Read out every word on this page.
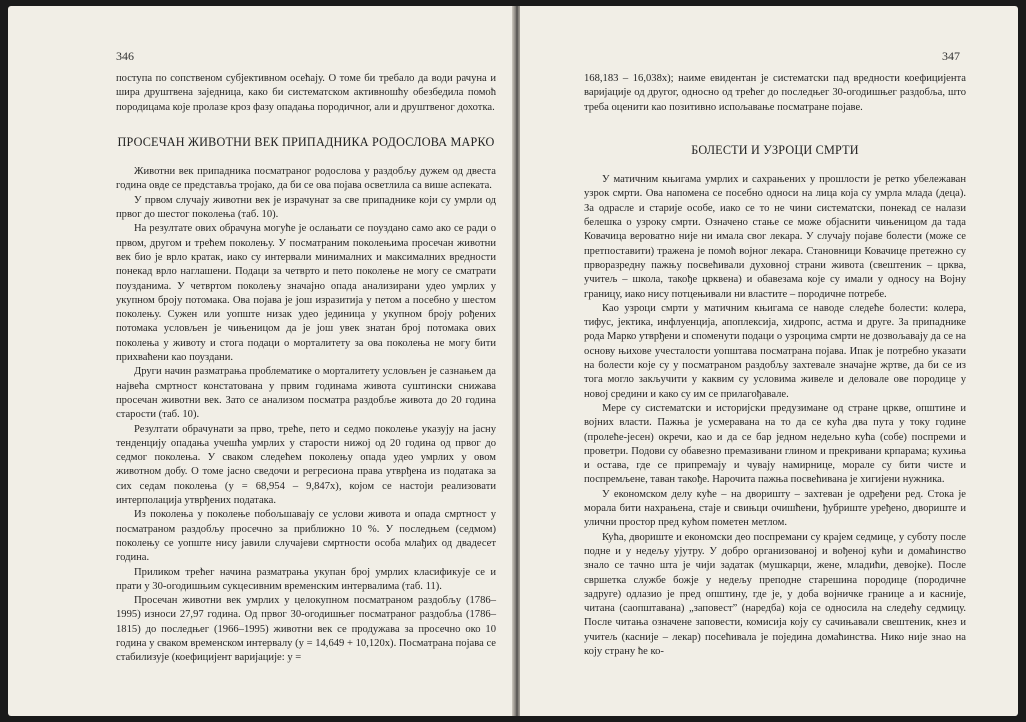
346

поступа по сопственом субјективном осећају. О томе би требало да води рачуна и шира друштвена заједница, како би систематском активношћу обезбедила помоћ породицама које пролазе кроз фазу опадања породичног, али и друштвеног дохотка.

ПРОСЕЧАН ЖИВОТНИ ВЕК ПРИПАДНИКА РОДОСЛОВА МАРКО

Животни век припадника посматраног родослова у раздобљу дужем од двеста година овде се представља тројако, да би се ова појава осветлила са више аспеката.

У првом случају животни век је израчунат за све припаднике који су умрли од првог до шестог поколења (таб. 10).

На резултате ових обрачуна могуће је ослањати се поуздано само ако се ради о првом, другом и трећем поколењу. У посматраним поколењима просечан животни век био је врло кратак, иако су интервали минималних и максималних вредности понекад врло наглашени. Подаци за четврто и пето поколење не могу се сматрати поузданима. У четвртом поколењу значајно опада анализирани удео умрлих у укупном броју потомака. Ова појава је још изразитија у петом а посебно у шестом поколењу. Сужен или уопште низак удео јединица у укупном броју рођених потомака условљен је чињеницом да је још увек знатан број потомака ових поколења у животу и стога подаци о морталитету за ова поколења не могу бити прихваћени као поуздани.

Други начин разматрања проблематике о морталитету условљен је сазнањем да највећа смртност констатована у првим годинама живота суштински снижава просечан животни век. Зато се анализом посматра раздобље живота до 20 година старости (таб. 10).

Резултати обрачунати за прво, треће, пето и седмо поколење указују на јасну тенденцију опадања учешћа умрлих у старости нижој од 20 година од првог до седмог поколења. У сваком следећем поколењу опада удео умрлих у овом животном добу. О томе јасно сведочи и регресиона права утврђена из података за сих седам поколења (y = 68,954 – 9,847x), којом се настоји реализовати интерполација утврђених података.

Из поколења у поколење побољшавају се услови живота и опада смртност у посматраном раздобљу просечно за приближно 10 %. У последњем (седмом) поколењу се уопште нису јавили случајеви смртности особа млађих од двадесет година.

Приликом трећег начина разматрања укупан број умрлих класификује се и прати у 30-огодишњим сукцесивним временским интервалима (таб. 11).

Просечан животни век умрлих у целокупном посматраном раздобљу (1786–1995) износи 27,97 година. Од првог 30-огодишњег посматраног раздобља (1786–1815) до последњег (1966–1995) животни век се продужава за просечно око 10 година у сваком временском интервалу (y = 14,649 + 10,120x). Посматрана појава се стабилизује (коефицијент варијације: y =

347

168,183 – 16,038x); наиме евидентан је систематски пад вредности коефицијента варијације од другог, односно од трећег до последњег 30-огодишњег раздобља, што треба оценити као позитивно испољавање посматране појаве.

БОЛЕСТИ И УЗРОЦИ СМРТИ

У матичним књигама умрлих и сахрањених у прошлости је ретко убележаван узрок смрти. Ова напомена се посебно односи на лица која су умрла млада (деца). За одрасле и старије особе, иако се то не чини систематски, понекад се налази белешка о узроку смрти. Означено стање се може објаснити чињеницом да тада Ковачица вероватно није ни имала свог лекара. У случају појаве болести (може се претпоставити) тражена је помоћ војног лекара. Становници Ковачице претежно су прворазредну пажњу посвећивали духовној страни живота (свештеник – црква, учитељ – школа, такође црквена) и обавезама које су имали у односу на Војну границу, иако нису потцењивали ни властите – породичне потребе.

Као узроци смрти у матичним књигама се наводе следеће болести: колера, тифус, јектика, инфлуенција, апоплексија, хидропс, астма и друге. За припаднике рода Марко утврђени и споменути подаци о узроцима смрти не дозвољавају да се на основу њихове учесталости уопштава посматрана појава. Ипак је потребно указати на болести које су у посматраном раздобљу захтевале значајне жртве, да би се из тога могло закључити у каквим су условима живеле и деловале ове породице у новој средини и како су им се прилагођавале.

Мере су систематски и историјски предузимане од стране цркве, општине и војних власти. Пажња је усмеравана на то да се кућа два пута у току године (пролеће-јесен) окречи, као и да се бар једном недељно кућа (собе) поспреми и проветри. Подови су обавезно премазивани глином и прекривани крпарама; кухиња и остава, где се припремају и чувају намирнице, морале су бити чисте и поспремљене, таван такође. Нарочита пажња посвећивана је хигијени нужника.

У економском делу куће – на дворишту – захтеван је одређени ред. Стока је морала бити нахрањена, стаје и свињци очишћени, ђубриште уређено, двориште и улични простор пред кућом пометен метлом.

Кућа, двориште и економски део поспремани су крајем седмице, у суботу после подне и у недељу ујутру. У добро организованој и вођеној кући и домаћинство знало се тачно шта је чији задатак (мушкарци, жене, младићи, девојке). После свршетка службе божје у недељу преподне старешина породице (породичне задруге) одлазио је пред општину, где је, у доба војничке границе а и касније, читана (саопштавана) „заповест” (наредба) која се односила на следећу седмицу. После читања означене заповести, комисија коју су сачињавали свештеник, кнез и учитељ (касније – лекар) посећивала је поједина домаћинства. Нико није знао на коју страну ће ко-
